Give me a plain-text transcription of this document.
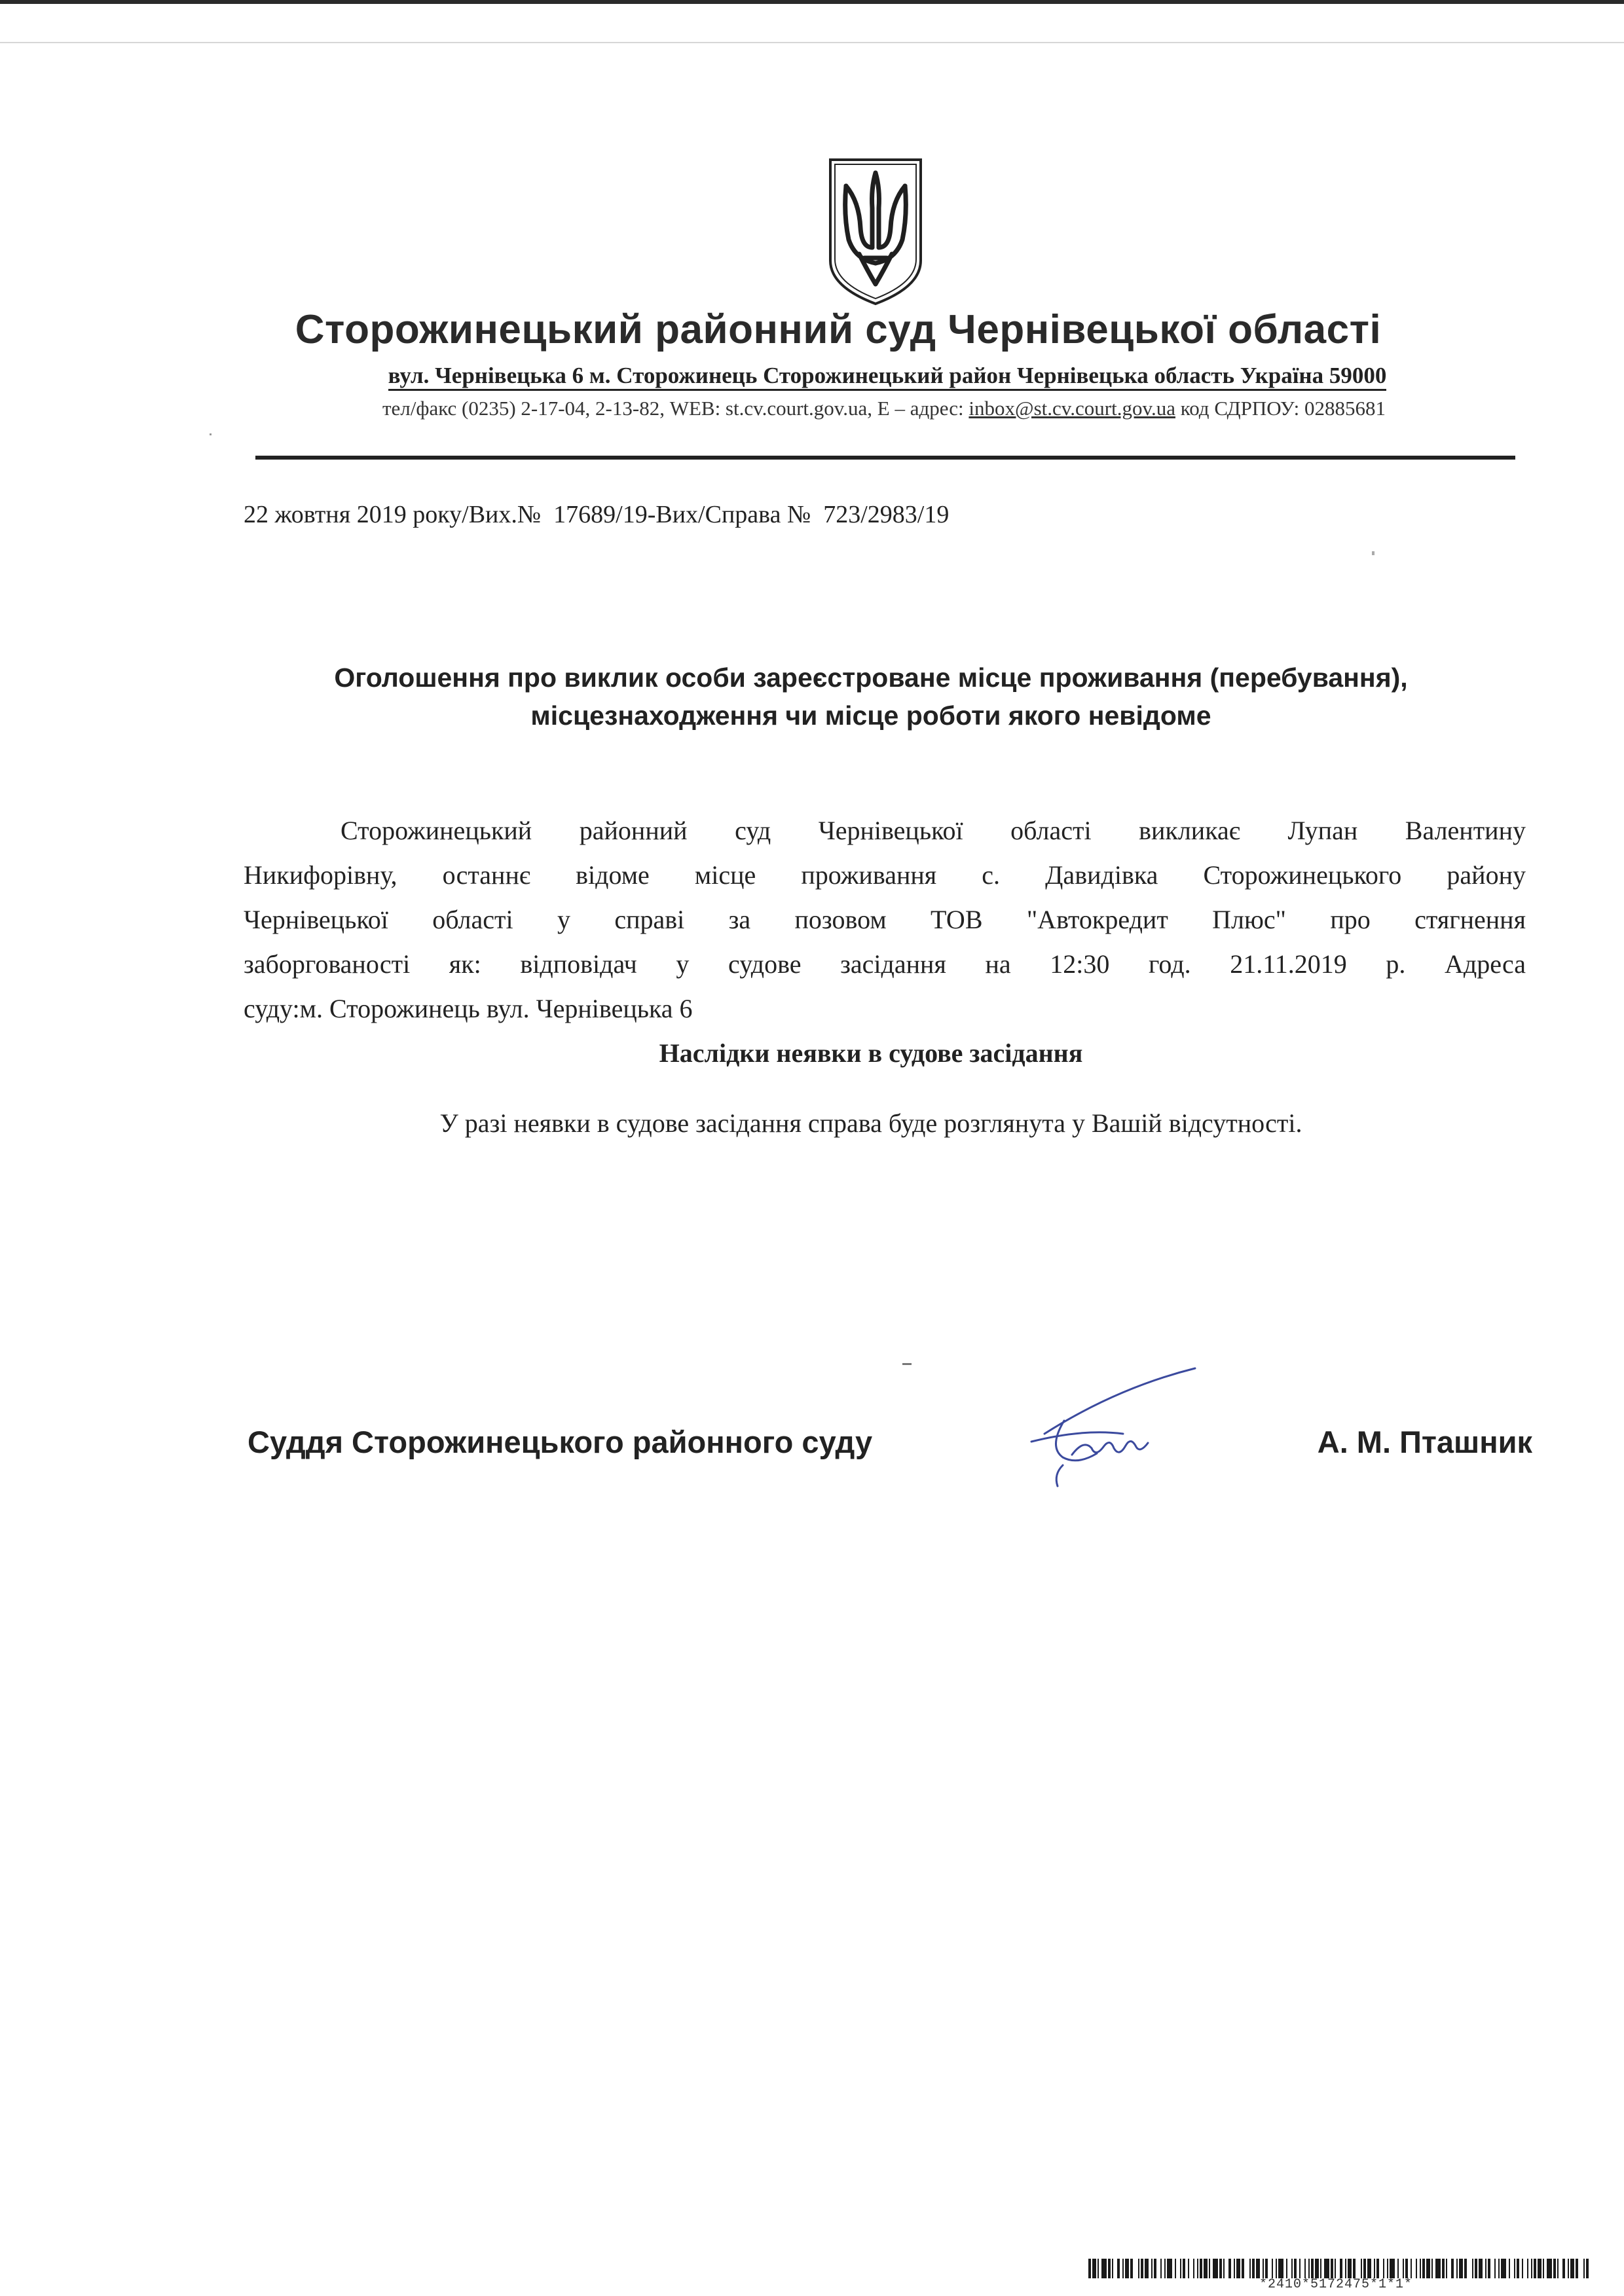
Сторожинецький районний суд Чернівецької області
вул. Чернівецька 6 м. Сторожинець Сторожинецький район Чернівецька область Україна 59000
тел/факс (0235) 2-17-04, 2-13-82, WEB: st.cv.court.gov.ua, E – адрес: inbox@st.cv.court.gov.ua код СДРПОУ: 02885681
22 жовтня 2019 року/Вих.№  17689/19-Вих/Справа №  723/2983/19
Оголошення про виклик особи зареєстроване місце проживання (перебування),
місцезнаходження чи місце роботи якого невідоме
Сторожинецький районний суд Чернівецької області викликає Лупан Валентину
Никифорівну, останнє відоме місце проживання с. Давидівка Сторожинецького району
Чернівецької області у справі за позовом ТОВ "Автокредит Плюс" про стягнення
заборгованості як: відповідач у судове засідання на 12:30 год. 21.11.2019 р. Адреса
суду:м. Сторожинець вул. Чернівецька 6
Наслідки неявки в судове засідання
У разі неявки в судове засідання справа буде розглянута у Вашій відсутності.
Суддя Сторожинецького районного суду	А. М. Пташник
*2410*5172475*1*1*
